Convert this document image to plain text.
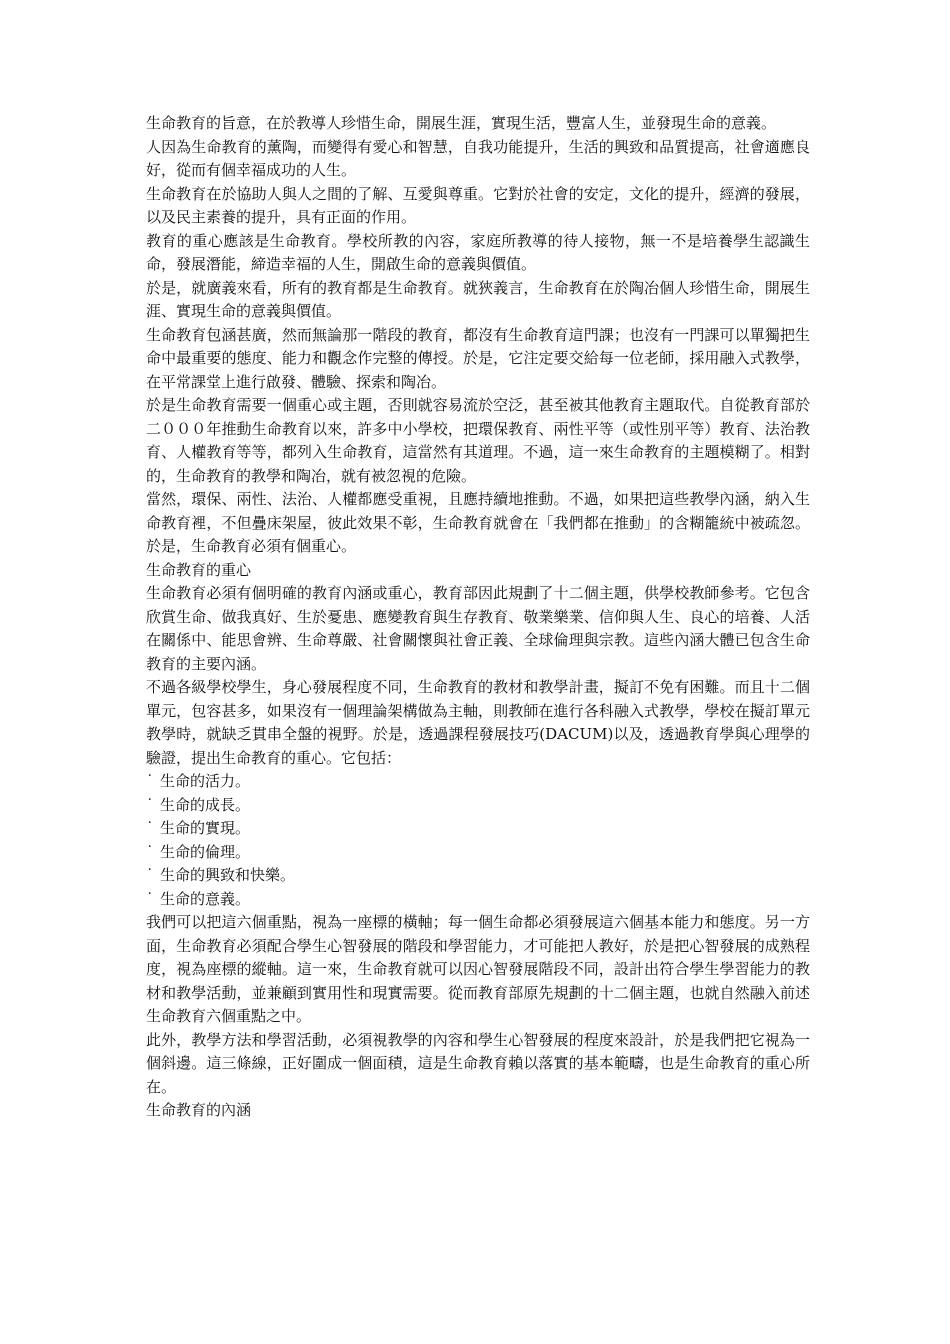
生命教育的旨意，在於教導人珍惜生命，開展生涯，實現生活，豐富人生，並發現生命的意義。

人因為生命教育的薰陶，而變得有愛心和智慧，自我功能提升，生活的興致和品質提高，社會適應良好，從而有個幸福成功的人生。

生命教育在於協助人與人之間的了解、互愛與尊重。它對於社會的安定，文化的提升，經濟的發展，以及民主素養的提升，具有正面的作用。

教育的重心應該是生命教育。學校所教的內容，家庭所教導的待人接物，無一不是培養學生認識生命，發展潛能，締造幸福的人生，開啟生命的意義與價值。

於是，就廣義來看，所有的教育都是生命教育。就狹義言，生命教育在於陶冶個人珍惜生命，開展生涯、實現生命的意義與價值。

生命教育包涵甚廣，然而無論那一階段的教育，都沒有生命教育這門課；也沒有一門課可以單獨把生命中最重要的態度、能力和觀念作完整的傳授。於是，它注定要交給每一位老師，採用融入式教學，在平常課堂上進行啟發、體驗、探索和陶冶。

於是生命教育需要一個重心或主題，否則就容易流於空泛，甚至被其他教育主題取代。自從教育部於二０００年推動生命教育以來，許多中小學校，把環保教育、兩性平等（或性別平等）教育、法治教育、人權教育等等，都列入生命教育，這當然有其道理。不過，這一來生命教育的主題模糊了。相對的，生命教育的教學和陶冶，就有被忽視的危險。

當然，環保、兩性、法治、人權都應受重視，且應持續地推動。不過，如果把這些教學內涵，納入生命教育裡，不但疊床架屋，彼此效果不彰，生命教育就會在「我們都在推動」的含糊籠統中被疏忽。於是，生命教育必須有個重心。

生命教育的重心

生命教育必須有個明確的教育內涵或重心，教育部因此規劃了十二個主題，供學校教師參考。它包含欣賞生命、做我真好、生於憂患、應變教育與生存教育、敬業樂業、信仰與人生、良心的培養、人活在關係中、能思會辨、生命尊嚴、社會關懷與社會正義、全球倫理與宗教。這些內涵大體已包含生命教育的主要內涵。

不過各級學校學生，身心發展程度不同，生命教育的教材和教學計畫，擬訂不免有困難。而且十二個單元，包容甚多，如果沒有一個理論架構做為主軸，則教師在進行各科融入式教學，學校在擬訂單元教學時，就缺乏貫串全盤的視野。於是，透過課程發展技巧(DACUM)以及，透過教育學與心理學的驗證，提出生命教育的重心。它包括：

˙ 生命的活力。

˙ 生命的成長。

˙ 生命的實現。

˙ 生命的倫理。

˙ 生命的興致和快樂。

˙ 生命的意義。

我們可以把這六個重點，視為一座標的橫軸；每一個生命都必須發展這六個基本能力和態度。另一方面，生命教育必須配合學生心智發展的階段和學習能力，才可能把人教好，於是把心智發展的成熟程度，視為座標的縱軸。這一來，生命教育就可以因心智發展階段不同，設計出符合學生學習能力的教材和教學活動，並兼顧到實用性和現實需要。從而教育部原先規劃的十二個主題，也就自然融入前述生命教育六個重點之中。

此外，教學方法和學習活動，必須視教學的內容和學生心智發展的程度來設計，於是我們把它視為一個斜邊。這三條線，正好圍成一個面積，這是生命教育賴以落實的基本範疇，也是生命教育的重心所在。

生命教育的內涵
